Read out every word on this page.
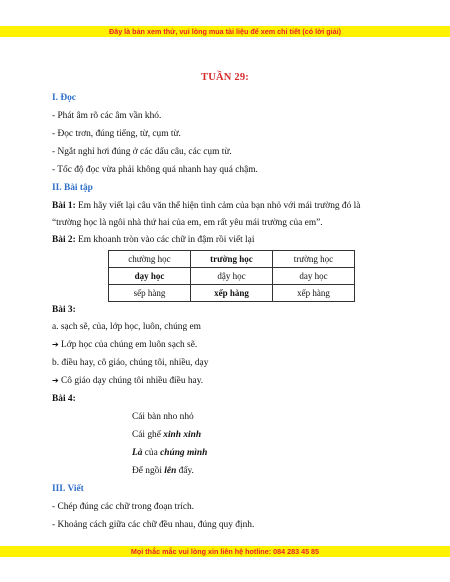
Đây là bản xem thử, vui lòng mua tài liệu để xem chi tiết (có lời giải)
TUẦN 29:
I. Đọc
- Phát âm rõ các âm vần khó.
- Đọc trơn, đúng tiếng, từ, cụm từ.
- Ngắt nghỉ hơi đúng ở các dấu câu, các cụm từ.
- Tốc độ đọc vừa phải không quá nhanh hay quá chậm.
II. Bài tập
Bài 1: Em hãy viết lại câu văn thể hiện tình cảm của bạn nhỏ với mái trường đó là
“trường học là ngôi nhà thứ hai của em, em rất yêu mái trường của em”.
Bài 2: Em khoanh tròn vào các chữ in đậm rồi viết lại
chường học	trường học	trường học
dạy học	dậy học	day học
sếp hàng	xếp hàng	xếp hàng
Bài 3:
a. sạch sẽ, của, lớp học, luôn, chúng em
➔ Lớp học của chúng em luôn sạch sẽ.
b. điều hay, cô giáo, chúng tôi, nhiều, dạy
➔ Cô giáo dạy chúng tôi nhiều điều hay.
Bài 4:
Cái bàn nho nhỏ
Cái ghế xinh xinh
Là của chúng mình
Để ngồi lên đấy.
III. Viết
- Chép đúng các chữ trong đoạn trích.
- Khoảng cách giữa các chữ đều nhau, đúng quy định.
Mọi thắc mắc vui lòng xin liên hệ hotline: 084 283 45 85
